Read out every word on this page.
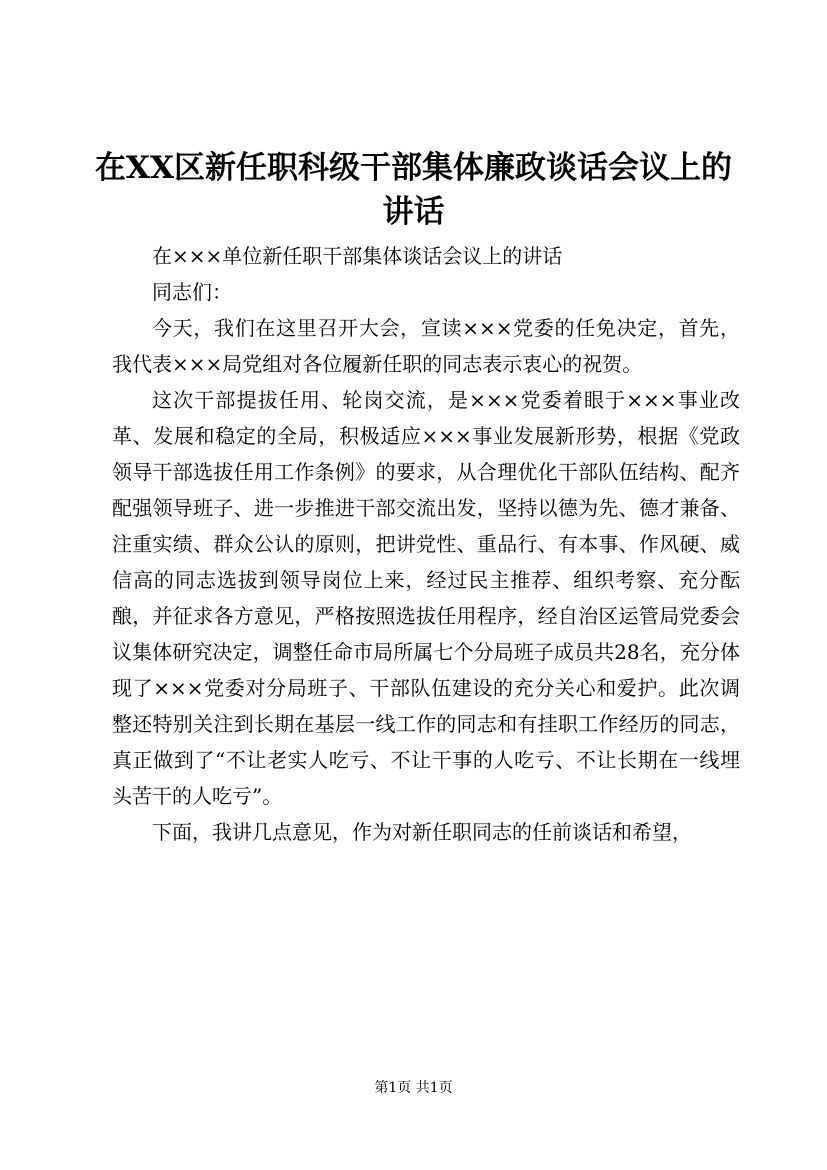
在XX区新任职科级干部集体廉政谈话会议上的讲话

在×××单位新任职干部集体谈话会议上的讲话

同志们：

今天，我们在这里召开大会，宣读×××党委的任免决定，首先，我代表×××局党组对各位履新任职的同志表示衷心的祝贺。

这次干部提拔任用、轮岗交流，是×××党委着眼于×××事业改革、发展和稳定的全局，积极适应×××事业发展新形势，根据《党政领导干部选拔任用工作条例》的要求，从合理优化干部队伍结构、配齐配强领导班子、进一步推进干部交流出发，坚持以德为先、德才兼备、注重实绩、群众公认的原则，把讲党性、重品行、有本事、作风硬、威信高的同志选拔到领导岗位上来，经过民主推荐、组织考察、充分酝酿，并征求各方意见，严格按照选拔任用程序，经自治区运管局党委会议集体研究决定，调整任命市局所属七个分局班子成员共28名，充分体现了×××党委对分局班子、干部队伍建设的充分关心和爱护。此次调整还特别关注到长期在基层一线工作的同志和有挂职工作经历的同志，真正做到了“不让老实人吃亏、不让干事的人吃亏、不让长期在一线埋头苦干的人吃亏”。

下面，我讲几点意见，作为对新任职同志的任前谈话和希望，

第1页 共1页
